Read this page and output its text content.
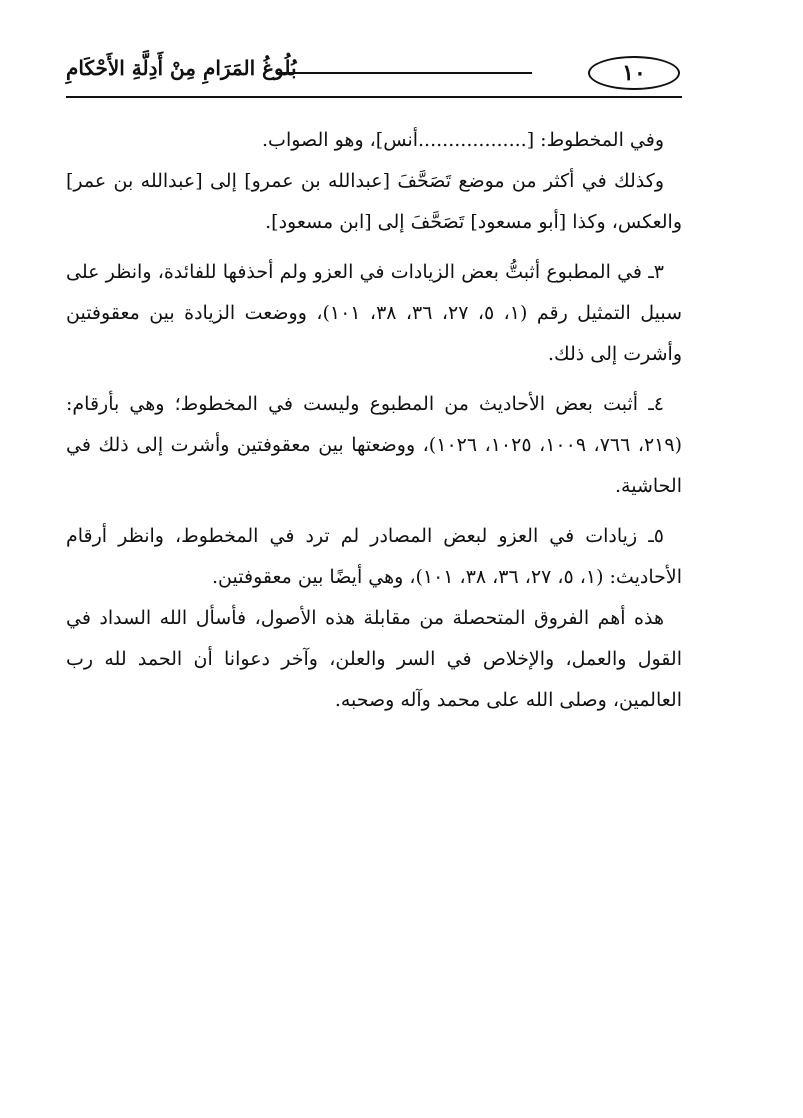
بُلُوغُ المَرَامِ مِنْ أَدِلَّةِ الأَحْكَامِ	١٠

وفي المخطوط: [..................أنس]، وهو الصواب.

وكذلك في أكثر من موضع تَصَحَّفَ [عبدالله بن عمرو] إلى [عبدالله بن عمر] والعكس، وكذا [أبو مسعود] تَصَحَّفَ إلى [ابن مسعود].

٣ـ في المطبوع أثبتُّ بعض الزيادات في العزو ولم أحذفها للفائدة، وانظر على سبيل التمثيل رقم (١، ٥، ٢٧، ٣٦، ٣٨، ١٠١)، ووضعت الزيادة بين معقوفتين وأشرت إلى ذلك.

٤ـ أثبت بعض الأحاديث من المطبوع وليست في المخطوط؛ وهي بأرقام: (٢١٩، ٧٦٦، ١٠٠٩، ١٠٢٥، ١٠٢٦)، ووضعتها بين معقوفتين وأشرت إلى ذلك في الحاشية.

٥ـ زيادات في العزو لبعض المصادر لم ترد في المخطوط، وانظر أرقام الأحاديث: (١، ٥، ٢٧، ٣٦، ٣٨، ١٠١)، وهي أيضًا بين معقوفتين.

هذه أهم الفروق المتحصلة من مقابلة هذه الأصول، فأسأل الله السداد في القول والعمل، والإخلاص في السر والعلن، وآخر دعوانا أن الحمد لله رب العالمين، وصلى الله على محمد وآله وصحبه.
